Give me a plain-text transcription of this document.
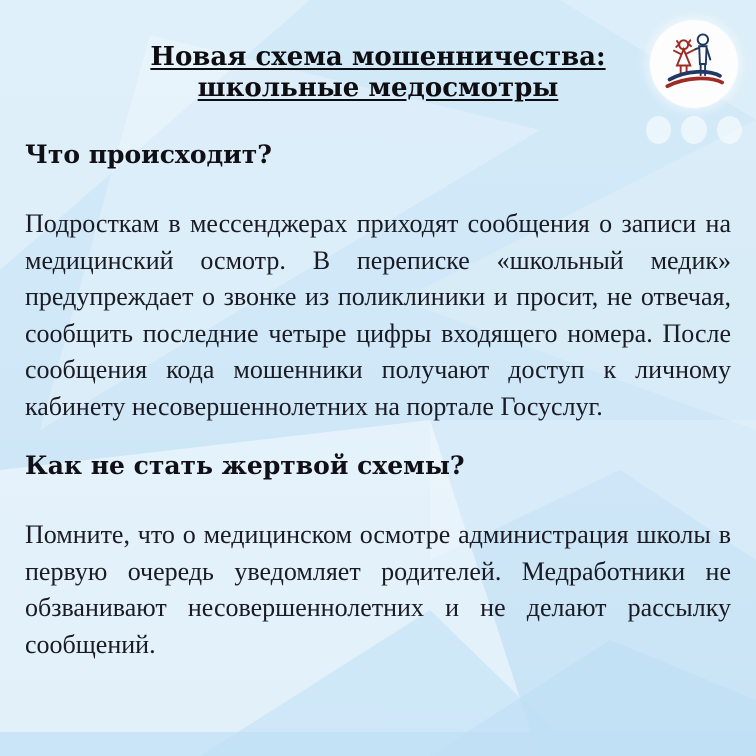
Новая схема мошенничества:
школьные медосмотры
Что происходит?

Подросткам в мессенджерах приходят сообщения о записи на медицинский осмотр. В переписке «школьный медик» предупреждает о звонке из поликлиники и просит, не отвечая, сообщить последние четыре цифры входящего номера. После сообщения кода мошенники получают доступ к личному кабинету несовершеннолетних на портале Госуслуг.

Как не стать жертвой схемы?

Помните, что о медицинском осмотре администрация школы в первую очередь уведомляет родителей. Медработники не обзванивают несовершеннолетних и не делают рассылку сообщений.
